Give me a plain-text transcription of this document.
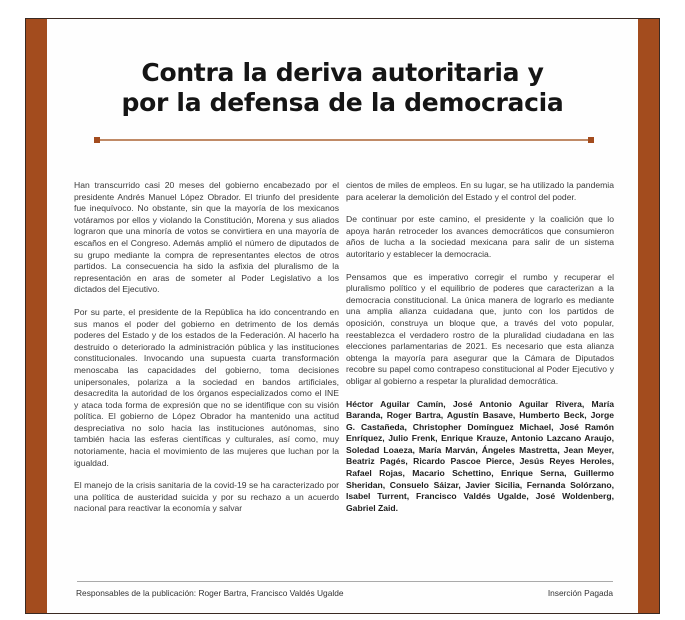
Contra la deriva autoritaria y
por la defensa de la democracia

Han transcurrido casi 20 meses del gobierno encabezado por el presidente Andrés Manuel López Obrador. El triunfo del presidente fue inequívoco. No obstante, sin que la mayoría de los mexicanos votáramos por ellos y violando la Constitución, Morena y sus aliados lograron que una minoría de votos se convirtiera en una mayoría de escaños en el Congreso. Además amplió el número de diputados de su grupo mediante la compra de representantes electos de otros partidos. La consecuencia ha sido la asfixia del pluralismo de la representación en aras de someter al Poder Legislativo a los dictados del Ejecutivo.

Por su parte, el presidente de la República ha ido concentrando en sus manos el poder del gobierno en detrimento de los demás poderes del Estado y de los estados de la Federación. Al hacerlo ha destruido o deteriorado la administración pública y las instituciones constitucionales. Invocando una supuesta cuarta transformación menoscaba las capacidades del gobierno, toma decisiones unipersonales, polariza a la sociedad en bandos artificiales, desacredita la autoridad de los órganos especializados como el INE y ataca toda forma de expresión que no se identifique con su visión política. El gobierno de López Obrador ha mantenido una actitud despreciativa no solo hacia las instituciones autónomas, sino también hacia las esferas científicas y culturales, así como, muy notoriamente, hacia el movimiento de las mujeres que luchan por la igualdad.

El manejo de la crisis sanitaria de la covid-19 se ha caracterizado por una política de austeridad suicida y por su rechazo a un acuerdo nacional para reactivar la economía y salvar

cientos de miles de empleos. En su lugar, se ha utilizado la pandemia para acelerar la demolición del Estado y el control del poder.

De continuar por este camino, el presidente y la coalición que lo apoya harán retroceder los avances democráticos que consumieron años de lucha a la sociedad mexicana para salir de un sistema autoritario y establecer la democracia.

Pensamos que es imperativo corregir el rumbo y recuperar el pluralismo político y el equilibrio de poderes que caracterizan a la democracia constitucional. La única manera de lograrlo es mediante una amplia alianza cuidadana que, junto con los partidos de oposición, construya un bloque que, a través del voto popular, reestablezca el verdadero rostro de la pluralidad ciudadana en las elecciones parlamentarias de 2021. Es necesario que esta alianza obtenga la mayoría para asegurar que la Cámara de Diputados recobre su papel como contrapeso constitucional al Poder Ejecutivo y obligar al gobierno a respetar la pluralidad democrática.

Héctor Aguilar Camín, José Antonio Aguilar Rivera, María Baranda, Roger Bartra, Agustín Basave, Humberto Beck, Jorge G. Castañeda, Christopher Domínguez Michael, José Ramón Enríquez, Julio Frenk, Enrique Krauze, Antonio Lazcano Araujo, Soledad Loaeza, María Marván, Ángeles Mastretta, Jean Meyer, Beatriz Pagés, Ricardo Pascoe Pierce, Jesús Reyes Heroles, Rafael Rojas, Macario Schettino, Enrique Serna, Guillermo Sheridan, Consuelo Sáizar, Javier Sicilia, Fernanda Solórzano, Isabel Turrent, Francisco Valdés Ugalde, José Woldenberg, Gabriel Zaid.

Responsables de la publicación: Roger Bartra, Francisco Valdés Ugalde	Inserción Pagada
